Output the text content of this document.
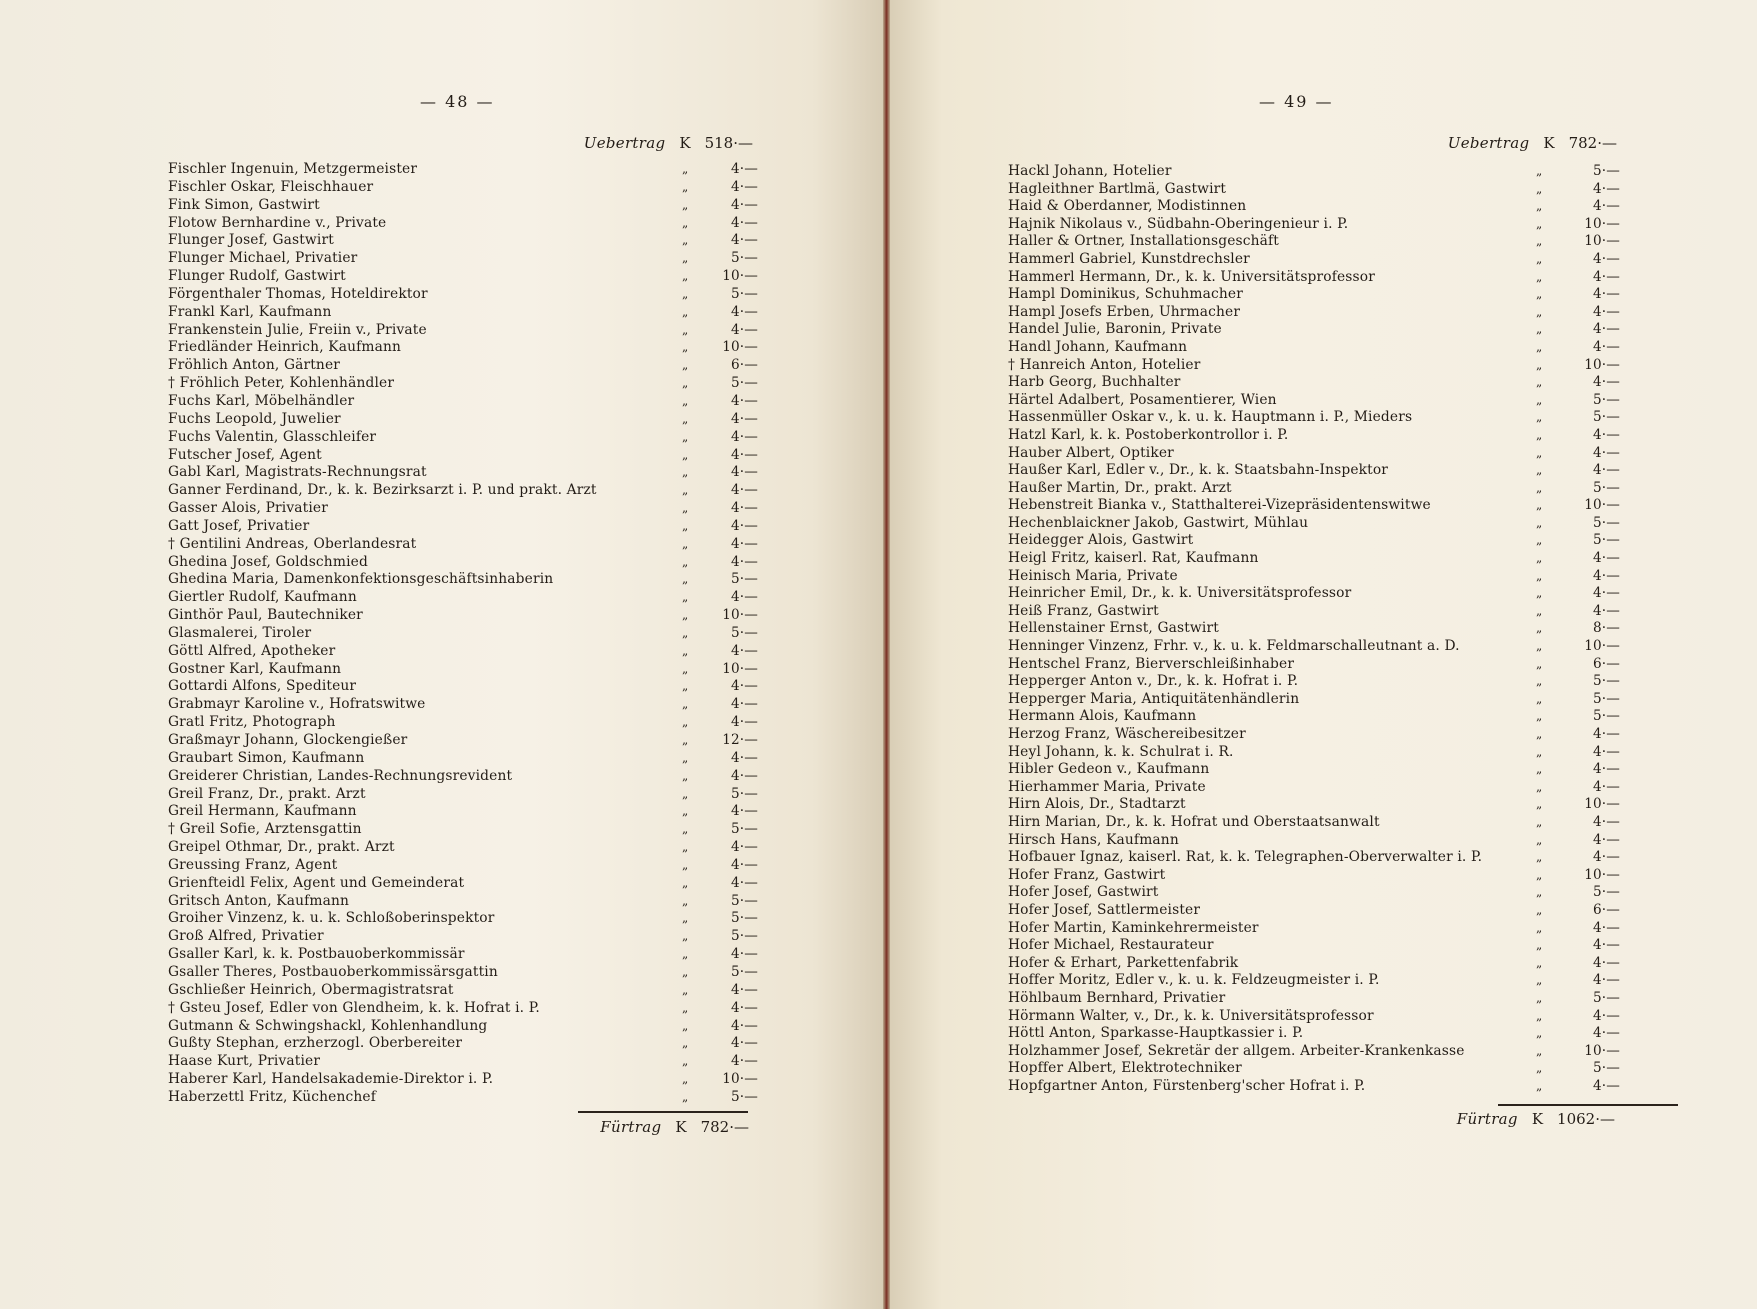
— 48 —
Uebertrag K 518·—
Fischler Ingenuin, Metzgermeister	„	4·—
Fischler Oskar, Fleischhauer	„	4·—
Fink Simon, Gastwirt	„	4·—
Flotow Bernhardine v., Private	„	4·—
Flunger Josef, Gastwirt	„	4·—
Flunger Michael, Privatier	„	5·—
Flunger Rudolf, Gastwirt	„ 10·—
Förgenthaler Thomas, Hoteldirektor	„	5·—
Frankl Karl, Kaufmann	„	4·—
Frankenstein Julie, Freiin v., Private	„	4·—
Friedländer Heinrich, Kaufmann	„ 10·—
Fröhlich Anton, Gärtner	„	6·—
† Fröhlich Peter, Kohlenhändler	„	5·—
Fuchs Karl, Möbelhändler	„	4·—
Fuchs Leopold, Juwelier	„	4·—
Fuchs Valentin, Glasschleifer	„	4·—
Futscher Josef, Agent	„	4·—
Gabl Karl, Magistrats-Rechnungsrat	„	4·—
Ganner Ferdinand, Dr., k. k. Bezirksarzt i. P. und prakt. Arzt	„	4·—
Gasser Alois, Privatier	„	4·—
Gatt Josef, Privatier	„	4·—
† Gentilini Andreas, Oberlandesrat	„	4·—
Ghedina Josef, Goldschmied	„	4·—
Ghedina Maria, Damenkonfektionsgeschäftsinhaberin	„	5·—
Giertler Rudolf, Kaufmann	„	4·—
Ginthör Paul, Bautechniker	„ 10·—
Glasmalerei, Tiroler	„	5·—
Göttl Alfred, Apotheker	„	4·—
Gostner Karl, Kaufmann	„ 10·—
Gottardi Alfons, Spediteur	„	4·—
Grabmayr Karoline v., Hofratswitwe	„	4·—
Gratl Fritz, Photograph	„	4·—
Graßmayr Johann, Glockengießer	„ 12·—
Graubart Simon, Kaufmann	„	4·—
Greiderer Christian, Landes-Rechnungsrevident	„	4·—
Greil Franz, Dr., prakt. Arzt	„	5·—
Greil Hermann, Kaufmann	„	4·—
† Greil Sofie, Arztensgattin	„	5·—
Greipel Othmar, Dr., prakt. Arzt	„	4·—
Greussing Franz, Agent	„	4·—
Grienfteidl Felix, Agent und Gemeinderat	„	4·—
Gritsch Anton, Kaufmann	„	5·—
Groiher Vinzenz, k. u. k. Schloßoberinspektor	„	5·—
Groß Alfred, Privatier	„	5·—
Gsaller Karl, k. k. Postbauoberkommissär	„	4·—
Gsaller Theres, Postbauoberkommissärsgattin	„	5·—
Gschließer Heinrich, Obermagistratsrat	„	4·—
† Gsteu Josef, Edler von Glendheim, k. k. Hofrat i. P.	„	4·—
Gutmann & Schwingshackl, Kohlenhandlung	„	4·—
Gußty Stephan, erzherzogl. Oberbereiter	„	4·—
Haase Kurt, Privatier	„	4·—
Haberer Karl, Handelsakademie-Direktor i. P.	„ 10·—
Haberzettl Fritz, Küchenchef	„	5·—
Fürtrag K 782·—
— 49 —
Uebertrag K 782·—
Hackl Johann, Hotelier	„	5·—
Hagleithner Bartlmä, Gastwirt	„	4·—
Haid & Oberdanner, Modistinnen	„	4·—
Hajnik Nikolaus v., Südbahn-Oberingenieur i. P.	„	10·—
Haller & Ortner, Installationsgeschäft	„	10·—
Hammerl Gabriel, Kunstdrechsler	„	4·—
Hammerl Hermann, Dr., k. k. Universitätsprofessor	„	4·—
Hampl Dominikus, Schuhmacher	„	4·—
Hampl Josefs Erben, Uhrmacher	„	4·—
Handel Julie, Baronin, Private	„	4·—
Handl Johann, Kaufmann	„	4·—
† Hanreich Anton, Hotelier	„	10·—
Harb Georg, Buchhalter	„	4·—
Härtel Adalbert, Posamentierer, Wien	„	5·—
Hassenmüller Oskar v., k. u. k. Hauptmann i. P., Mieders	„	5·—
Hatzl Karl, k. k. Postoberkontrollor i. P.	„	4·—
Hauber Albert, Optiker	„	4·—
Haußer Karl, Edler v., Dr., k. k. Staatsbahn-Inspektor	„	4·—
Haußer Martin, Dr., prakt. Arzt	„	5·—
Hebenstreit Bianka v., Statthalterei-Vizepräsidentenswitwe	„	10·—
Hechenblaickner Jakob, Gastwirt, Mühlau	„	5·—
Heidegger Alois, Gastwirt	„	5·—
Heigl Fritz, kaiserl. Rat, Kaufmann	„	4·—
Heinisch Maria, Private	„	4·—
Heinricher Emil, Dr., k. k. Universitätsprofessor	„	4·—
Heiß Franz, Gastwirt	„	4·—
Hellenstainer Ernst, Gastwirt	„	8·—
Henninger Vinzenz, Frhr. v., k. u. k. Feldmarschalleutnant a. D.	„	10·—
Hentschel Franz, Bierverschleißinhaber	„	6·—
Hepperger Anton v., Dr., k. k. Hofrat i. P.	„	5·—
Hepperger Maria, Antiquitätenhändlerin	„	5·—
Hermann Alois, Kaufmann	„	5·—
Herzog Franz, Wäschereibesitzer	„	4·—
Heyl Johann, k. k. Schulrat i. R.	„	4·—
Hibler Gedeon v., Kaufmann	„	4·—
Hierhammer Maria, Private	„	4·—
Hirn Alois, Dr., Stadtarzt	„	10·—
Hirn Marian, Dr., k. k. Hofrat und Oberstaatsanwalt	„	4·—
Hirsch Hans, Kaufmann	„	4·—
Hofbauer Ignaz, kaiserl. Rat, k. k. Telegraphen-Oberverwalter i. P.	„	4·—
Hofer Franz, Gastwirt	„	10·—
Hofer Josef, Gastwirt	„	5·—
Hofer Josef, Sattlermeister	„	6·—
Hofer Martin, Kaminkehrermeister	„	4·—
Hofer Michael, Restaurateur	„	4·—
Hofer & Erhart, Parkettenfabrik	„	4·—
Hoffer Moritz, Edler v., k. u. k. Feldzeugmeister i. P.	„	4·—
Höhlbaum Bernhard, Privatier	„	5·—
Hörmann Walter, v., Dr., k. k. Universitätsprofessor	„	4·—
Höttl Anton, Sparkasse-Hauptkassier i. P.	„	4·—
Holzhammer Josef, Sekretär der allgem. Arbeiter-Krankenkasse	„	10·—
Hopffer Albert, Elektrotechniker	„	5·—
Hopfgartner Anton, Fürstenberg'scher Hofrat i. P.	„	4·—
Fürtrag K 1062·—
